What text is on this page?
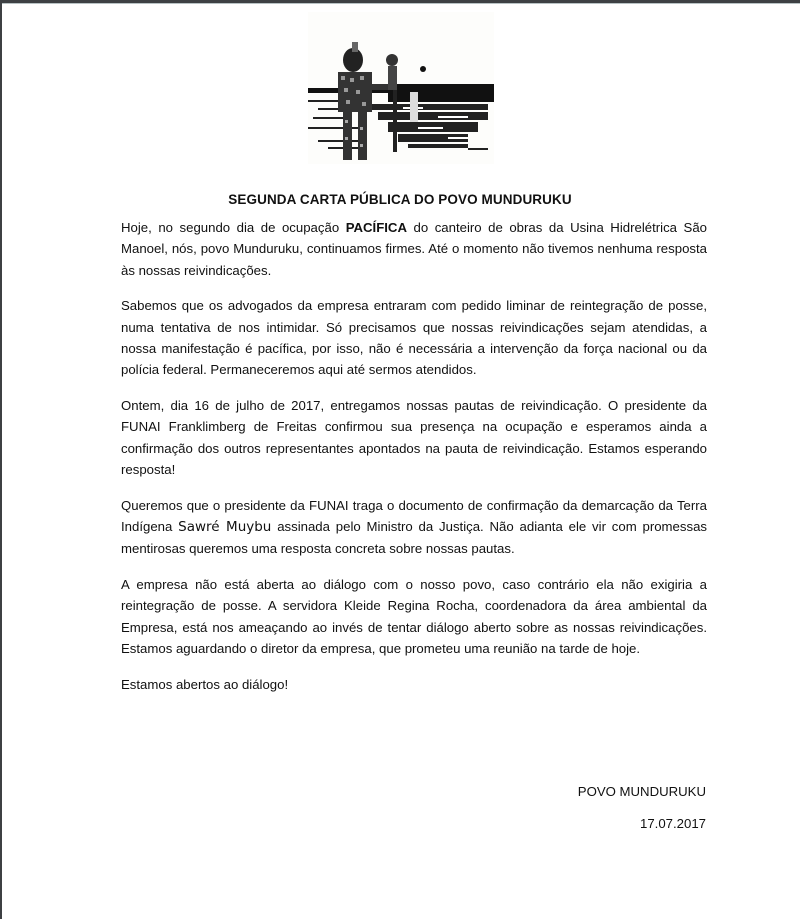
SEGUNDA CARTA PÚBLICA DO POVO MUNDURUKU

Hoje, no segundo dia de ocupação PACÍFICA do canteiro de obras da Usina Hidrelétrica São Manoel, nós, povo Munduruku, continuamos firmes. Até o momento não tivemos nenhuma resposta às nossas reivindicações.

Sabemos que os advogados da empresa entraram com pedido liminar de reintegração de posse, numa tentativa de nos intimidar. Só precisamos que nossas reivindicações sejam atendidas, a nossa manifestação é pacífica, por isso, não é necessária a intervenção da força nacional ou da polícia federal. Permaneceremos aqui até sermos atendidos.

Ontem, dia 16 de julho de 2017, entregamos nossas pautas de reivindicação. O presidente da FUNAI Franklimberg de Freitas confirmou sua presença na ocupação e esperamos ainda a confirmação dos outros representantes apontados na pauta de reivindicação. Estamos esperando resposta!

Queremos que o presidente da FUNAI traga o documento de confirmação da demarcação da Terra Indígena Sawré Muybu assinada pelo Ministro da Justiça. Não adianta ele vir com promessas mentirosas queremos uma resposta concreta sobre nossas pautas.

A empresa não está aberta ao diálogo com o nosso povo, caso contrário ela não exigiria a reintegração de posse. A servidora Kleide Regina Rocha, coordenadora da área ambiental da Empresa, está nos ameaçando ao invés de tentar diálogo aberto sobre as nossas reivindicações. Estamos aguardando o diretor da empresa, que prometeu uma reunião na tarde de hoje.

Estamos abertos ao diálogo!

POVO MUNDURUKU
17.07.2017
